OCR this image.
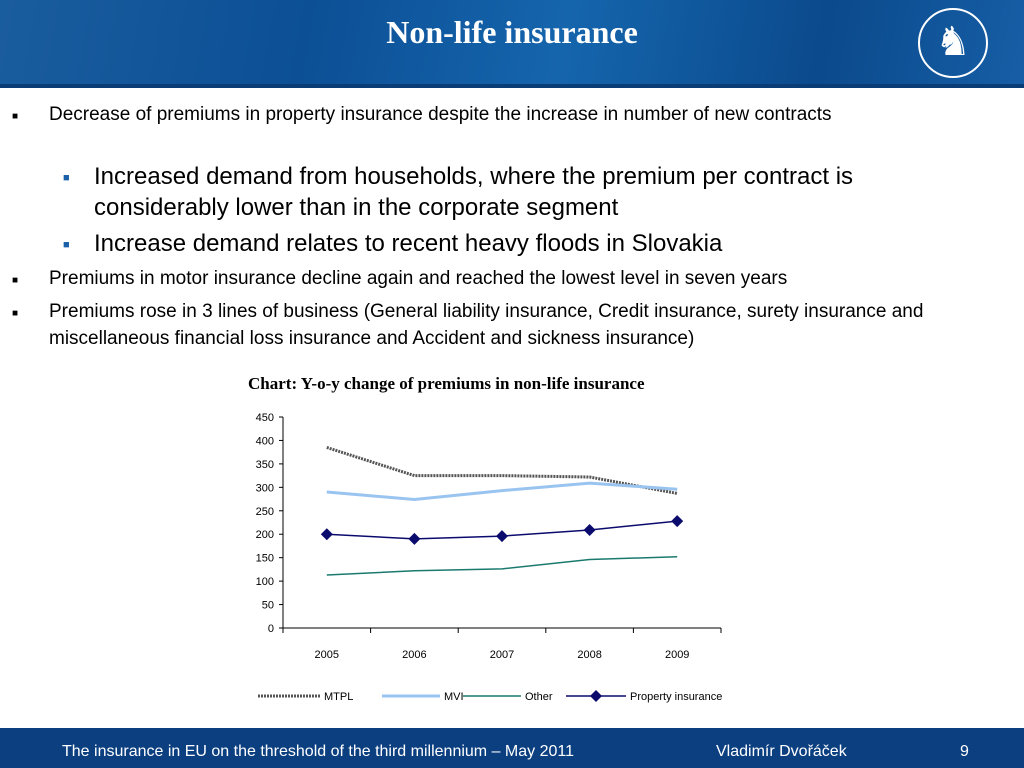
Non-life insurance	♞
■ Decrease of premiums in property insurance despite the increase in number of new contracts
■ Increased demand from households, where the premium per contract is considerably lower than in the corporate segment
■ Increase demand relates to recent heavy floods in Slovakia
■ Premiums in motor insurance decline again and reached the lowest level in seven years
■ Premiums rose in 3 lines of business (General liability insurance, Credit insurance, surety insurance and miscellaneous financial loss insurance and Accident and sickness insurance)
Chart: Y-o-y change of premiums in non-life insurance
0
50
100
150
200
250
300
350
400
450
2005	2006	2007	2008	2009
MTPL	MVI	Other	Property insurance
The insurance in EU on the threshold of the third millennium – May 2011	Vladimír Dvořáček	9
